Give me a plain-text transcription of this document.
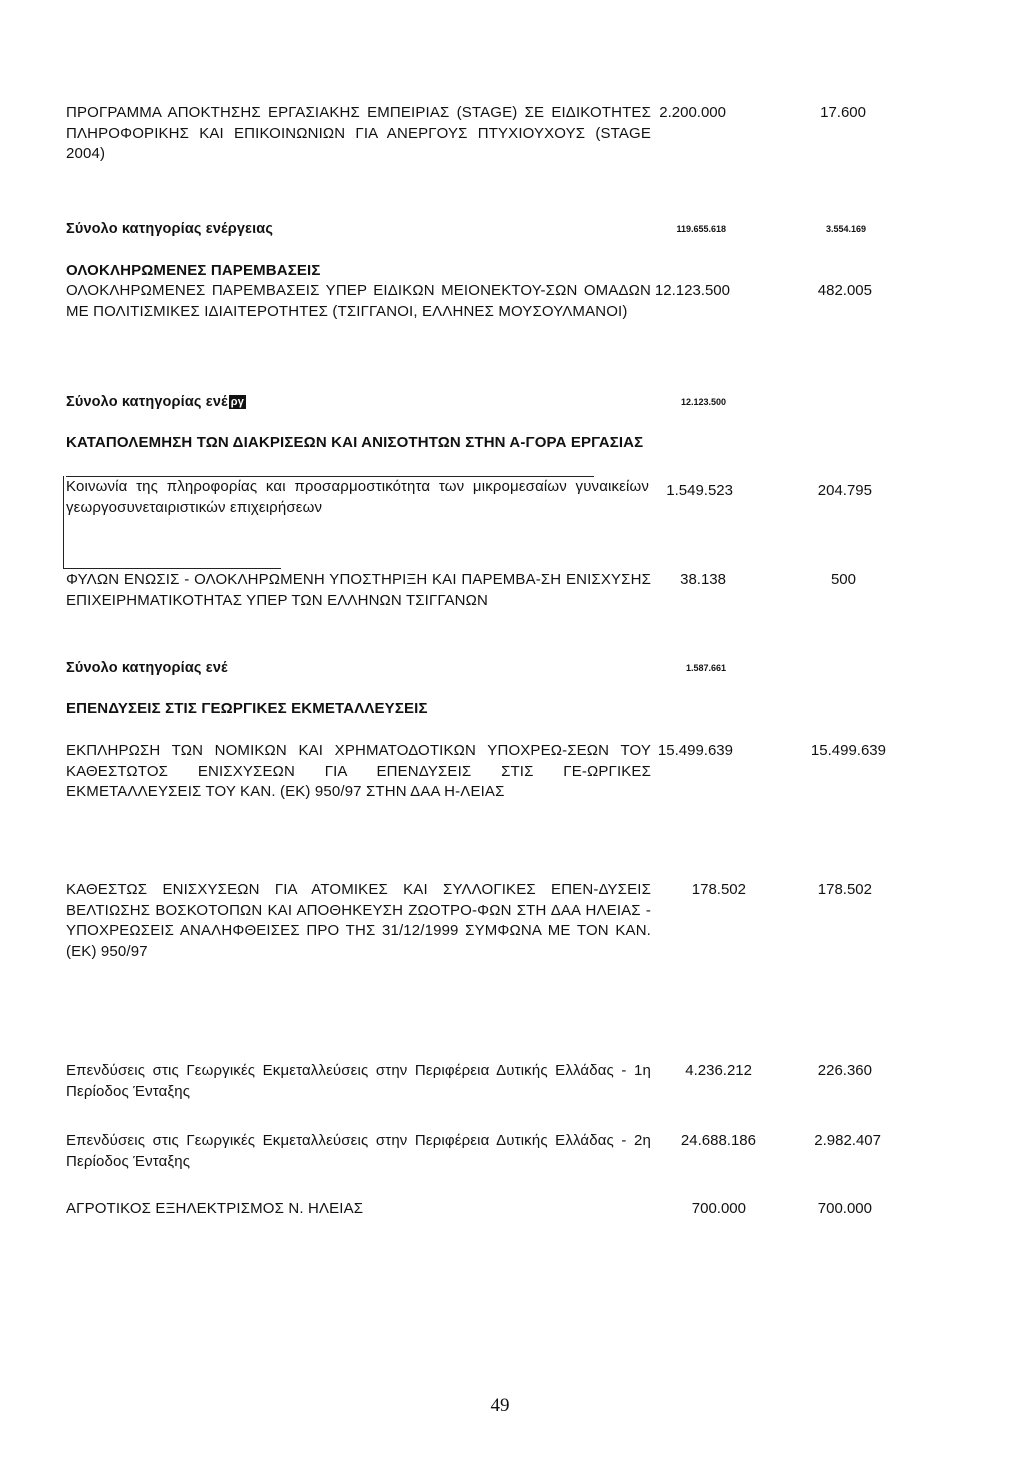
ΠΡΟΓΡΑΜΜΑ ΑΠΟΚΤΗΣΗΣ ΕΡΓΑΣΙΑΚΗΣ ΕΜΠΕΙΡΙΑΣ (STAGE) ΣΕ ΕΙΔΙΚΟΤΗΤΕΣ ΠΛΗΡΟΦΟΡΙΚΗΣ ΚΑΙ ΕΠΙΚΟΙΝΩΝΙΩΝ ΓΙΑ ΑΝΕΡΓΟΥΣ ΠΤΥΧΙΟΥΧΟΥΣ (STAGE 2004)
2.200.000	17.600
Σύνολο κατηγορίας ενέργειας	119.655.618	3.554.169
ΟΛΟΚΛΗΡΩΜΕΝΕΣ ΠΑΡΕΜΒΑΣΕΙΣ
ΟΛΟΚΛΗΡΩΜΕΝΕΣ ΠΑΡΕΜΒΑΣΕΙΣ ΥΠΕΡ ΕΙΔΙΚΩΝ ΜΕΙΟΝΕΚΤΟΥ-ΣΩΝ ΟΜΑΔΩΝ ΜΕ ΠΟΛΙΤΙΣΜΙΚΕΣ ΙΔΙΑΙΤΕΡΟΤΗΤΕΣ (ΤΣΙΓΓΑΝΟΙ, ΕΛΛΗΝΕΣ ΜΟΥΣΟΥΛΜΑΝΟΙ)
12.123.500	482.005
Σύνολο κατηγορίας ενέ ργ	12.123.500
ΚΑΤΑΠΟΛΕΜΗΣΗ ΤΩΝ ΔΙΑΚΡΙΣΕΩΝ ΚΑΙ ΑΝΙΣΟΤΗΤΩΝ ΣΤΗΝ Α-ΓΟΡΑ ΕΡΓΑΣΙΑΣ
Κοινωνία της πληροφορίας και προσαρμοστικότητα των μικρομεσαίων γυναικείων γεωργοσυνεταιριστικών επιχειρήσεων
1.549.523	204.795
ΦΥΛΩΝ ΕΝΩΣΙΣ - ΟΛΟΚΛΗΡΩΜΕΝΗ ΥΠΟΣΤΗΡΙΞΗ ΚΑΙ ΠΑΡΕΜΒΑ-ΣΗ ΕΝΙΣΧΥΣΗΣ ΕΠΙΧΕΙΡΗΜΑΤΙΚΟΤΗΤΑΣ ΥΠΕΡ ΤΩΝ ΕΛΛΗΝΩΝ ΤΣΙΓΓΑΝΩΝ
38.138	500
Σύνολο κατηγορίας ενέ	1.587.661
ΕΠΕΝΔΥΣΕΙΣ ΣΤΙΣ ΓΕΩΡΓΙΚΕΣ ΕΚΜΕΤΑΛΛΕΥΣΕΙΣ
ΕΚΠΛΗΡΩΣΗ ΤΩΝ ΝΟΜΙΚΩΝ ΚΑΙ ΧΡΗΜΑΤΟΔΟΤΙΚΩΝ ΥΠΟΧΡΕΩ-ΣΕΩΝ ΤΟΥ ΚΑΘΕΣΤΩΤΟΣ ΕΝΙΣΧΥΣΕΩΝ ΓΙΑ ΕΠΕΝΔΥΣΕΙΣ ΣΤΙΣ ΓΕ-ΩΡΓΙΚΕΣ ΕΚΜΕΤΑΛΛΕΥΣΕΙΣ ΤΟΥ ΚΑΝ. (ΕΚ) 950/97 ΣΤΗΝ ΔΑΑ Η-ΛΕΙΑΣ
15.499.639	15.499.639
ΚΑΘΕΣΤΩΣ ΕΝΙΣΧΥΣΕΩΝ ΓΙΑ ΑΤΟΜΙΚΕΣ ΚΑΙ ΣΥΛΛΟΓΙΚΕΣ ΕΠΕΝ-ΔΥΣΕΙΣ ΒΕΛΤΙΩΣΗΣ ΒΟΣΚΟΤΟΠΩΝ ΚΑΙ ΑΠΟΘΗΚΕΥΣΗ ΖΩΟΤΡΟ-ΦΩΝ ΣΤΗ ΔΑΑ ΗΛΕΙΑΣ - ΥΠΟΧΡΕΩΣΕΙΣ ΑΝΑΛΗΦΘΕΙΣΕΣ ΠΡΟ ΤΗΣ 31/12/1999 ΣΥΜΦΩΝΑ ΜΕ ΤΟΝ ΚΑΝ. (ΕΚ) 950/97
178.502	178.502
Επενδύσεις στις Γεωργικές Εκμεταλλεύσεις στην Περιφέρεια Δυτικής Ελλάδας - 1η Περίοδος Ένταξης
4.236.212	226.360
Επενδύσεις στις Γεωργικές Εκμεταλλεύσεις στην Περιφέρεια Δυτικής Ελλάδας - 2η Περίοδος Ένταξης
24.688.186	2.982.407
ΑΓΡΟΤΙΚΟΣ ΕΞΗΛΕΚΤΡΙΣΜΟΣ Ν. ΗΛΕΙΑΣ	700.000	700.000
49
